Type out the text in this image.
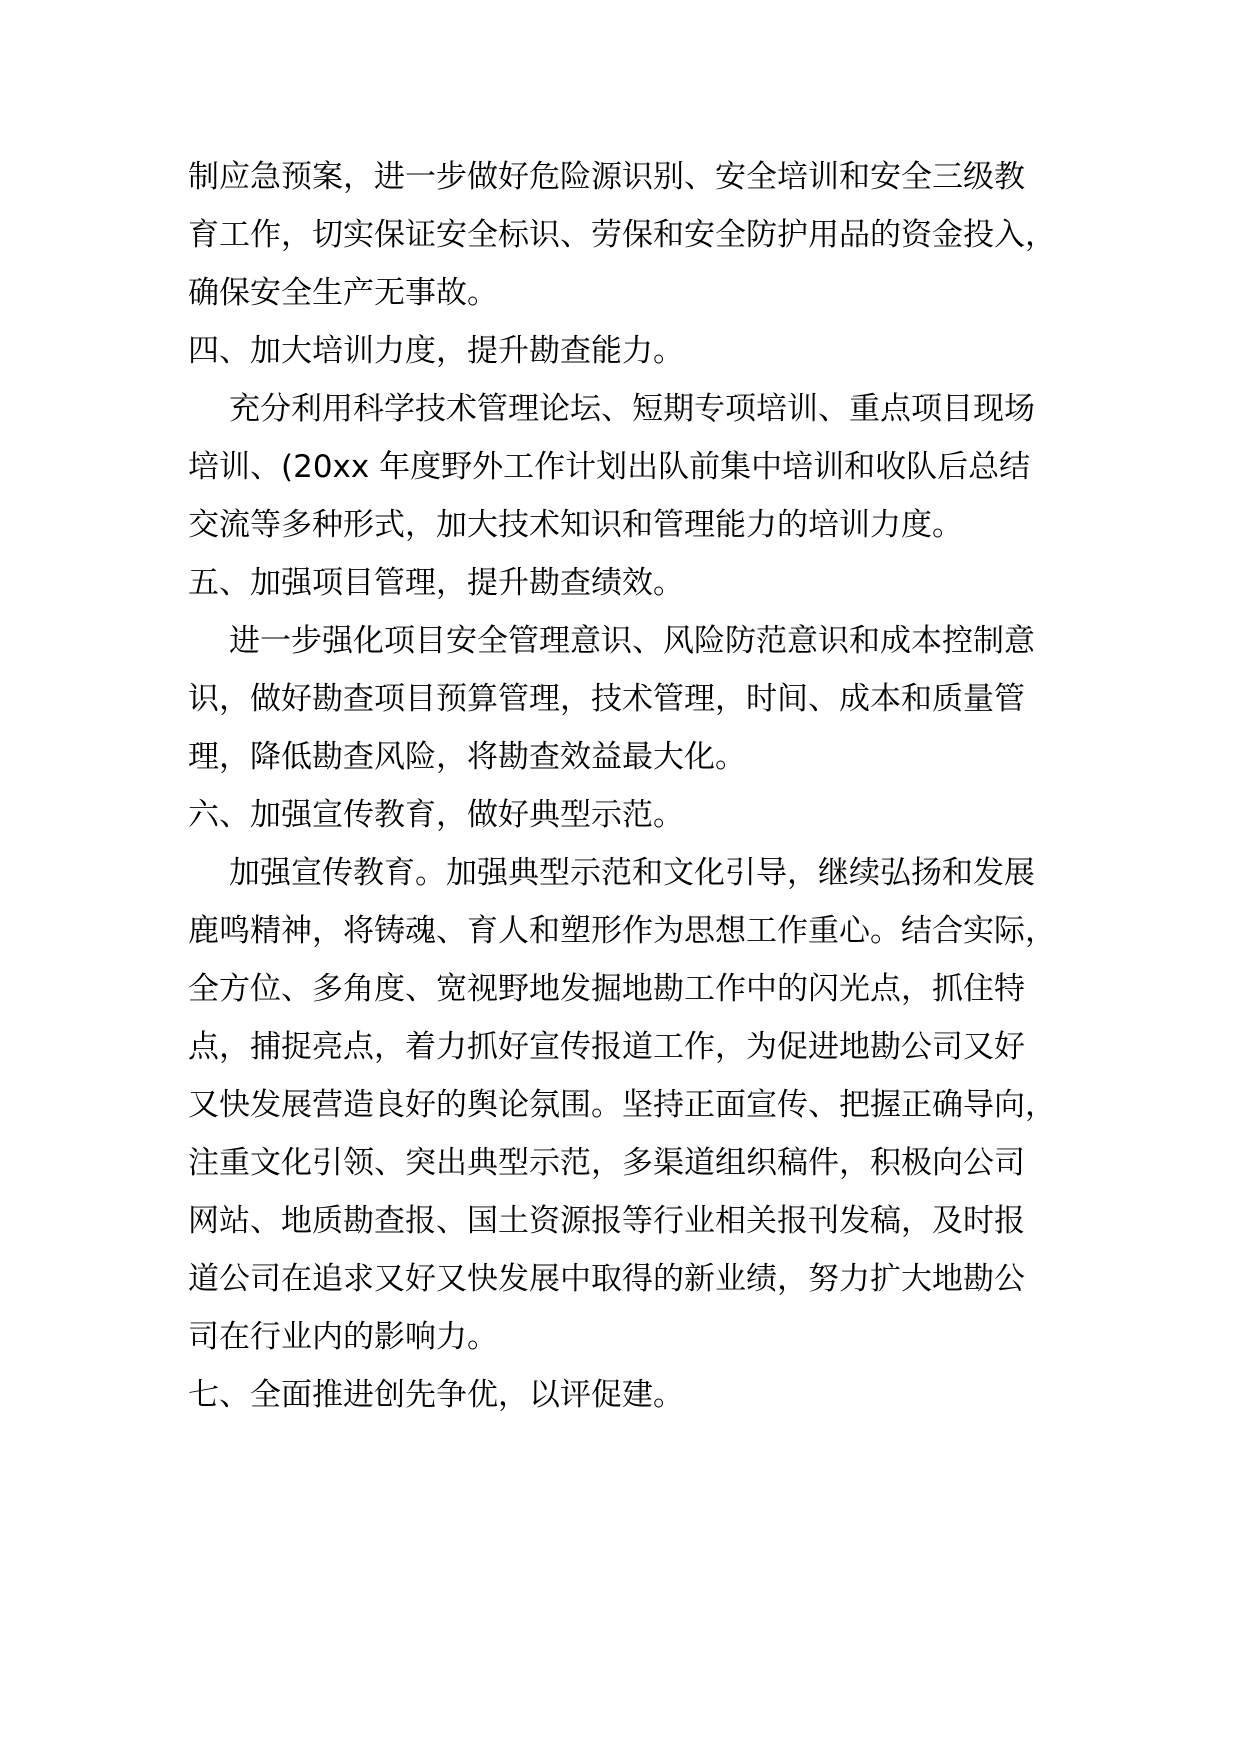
制应急预案，进一步做好危险源识别、安全培训和安全三级教
育工作，切实保证安全标识、劳保和安全防护用品的资金投入，
确保安全生产无事故。
四、加大培训力度，提升勘查能力。
充分利用科学技术管理论坛、短期专项培训、重点项目现场
培训、(20xx 年度野外工作计划出队前集中培训和收队后总结
交流等多种形式，加大技术知识和管理能力的培训力度。
五、加强项目管理，提升勘查绩效。
进一步强化项目安全管理意识、风险防范意识和成本控制意
识，做好勘查项目预算管理，技术管理，时间、成本和质量管
理，降低勘查风险，将勘查效益最大化。
六、加强宣传教育，做好典型示范。
加强宣传教育。加强典型示范和文化引导，继续弘扬和发展
鹿鸣精神，将铸魂、育人和塑形作为思想工作重心。结合实际，
全方位、多角度、宽视野地发掘地勘工作中的闪光点，抓住特
点，捕捉亮点，着力抓好宣传报道工作，为促进地勘公司又好
又快发展营造良好的舆论氛围。坚持正面宣传、把握正确导向，
注重文化引领、突出典型示范，多渠道组织稿件，积极向公司
网站、地质勘查报、国土资源报等行业相关报刊发稿，及时报
道公司在追求又好又快发展中取得的新业绩，努力扩大地勘公
司在行业内的影响力。
七、全面推进创先争优，以评促建。
